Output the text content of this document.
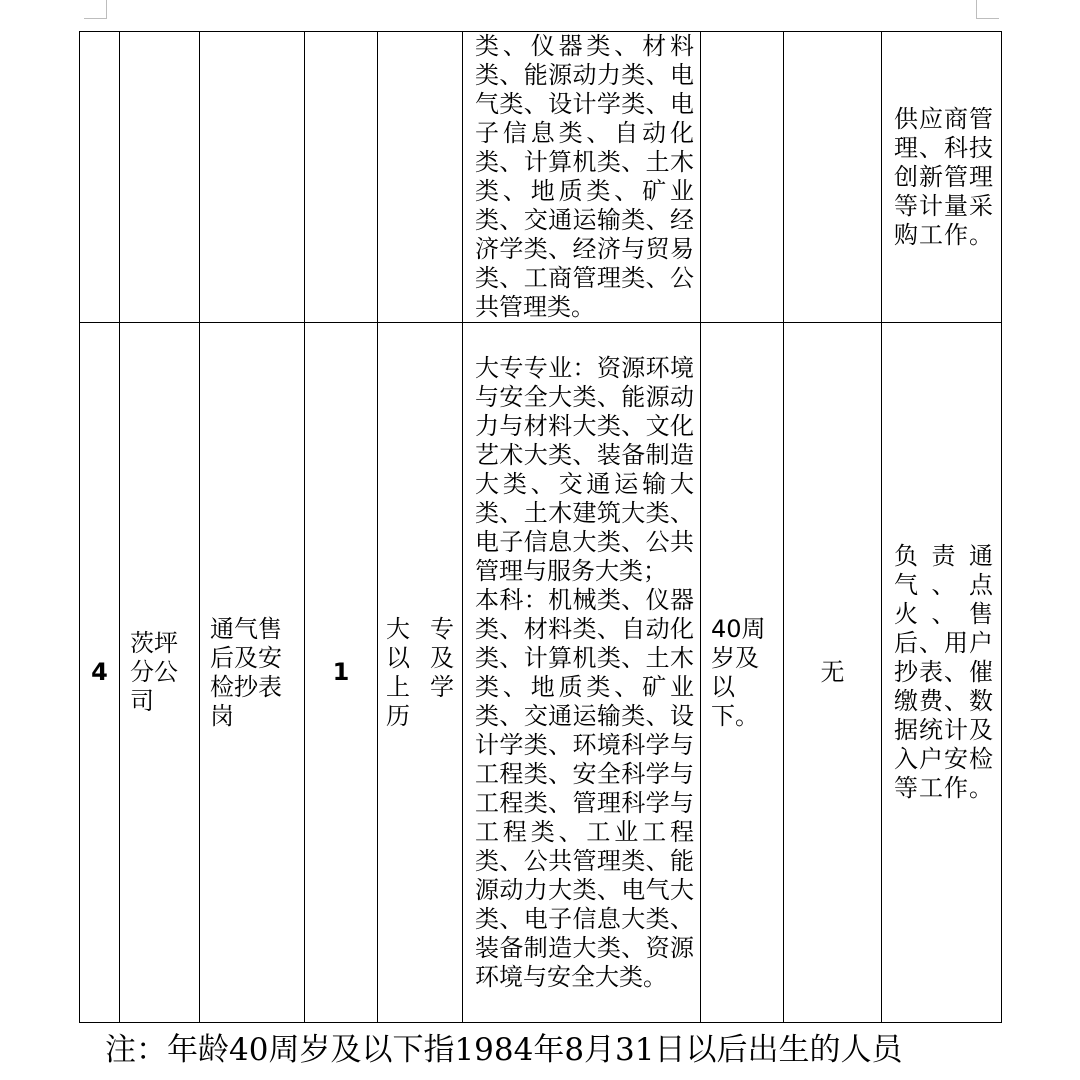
					类、仪器类、材料类、能源动力类、电气类、设计学类、电子信息类、自动化类、计算机类、土木类、地质类、矿业类、交通运输类、经济学类、经济与贸易类、工商管理类、公共管理类。			供应商管理、科技创新管理等计量采购工作。
4	茨坪分公司	通气售后及安检抄表岗	1	大专以及上学历	大专专业：资源环境与安全大类、能源动力与材料大类、文化艺术大类、装备制造大类、交通运输大类、土木建筑大类、电子信息大类、公共管理与服务大类；
本科：机械类、仪器类、材料类、自动化类、计算机类、土木类、地质类、矿业类、交通运输类、设计学类、环境科学与工程类、安全科学与工程类、管理科学与工程类、工业工程类、公共管理类、能源动力大类、电气大类、电子信息大类、装备制造大类、资源环境与安全大类。	40周岁及以下。	无	负责通气、点火、售后、用户抄表、催缴费、数据统计及入户安检等工作。
注：年龄40周岁及以下指1984年8月31日以后出生的人员
